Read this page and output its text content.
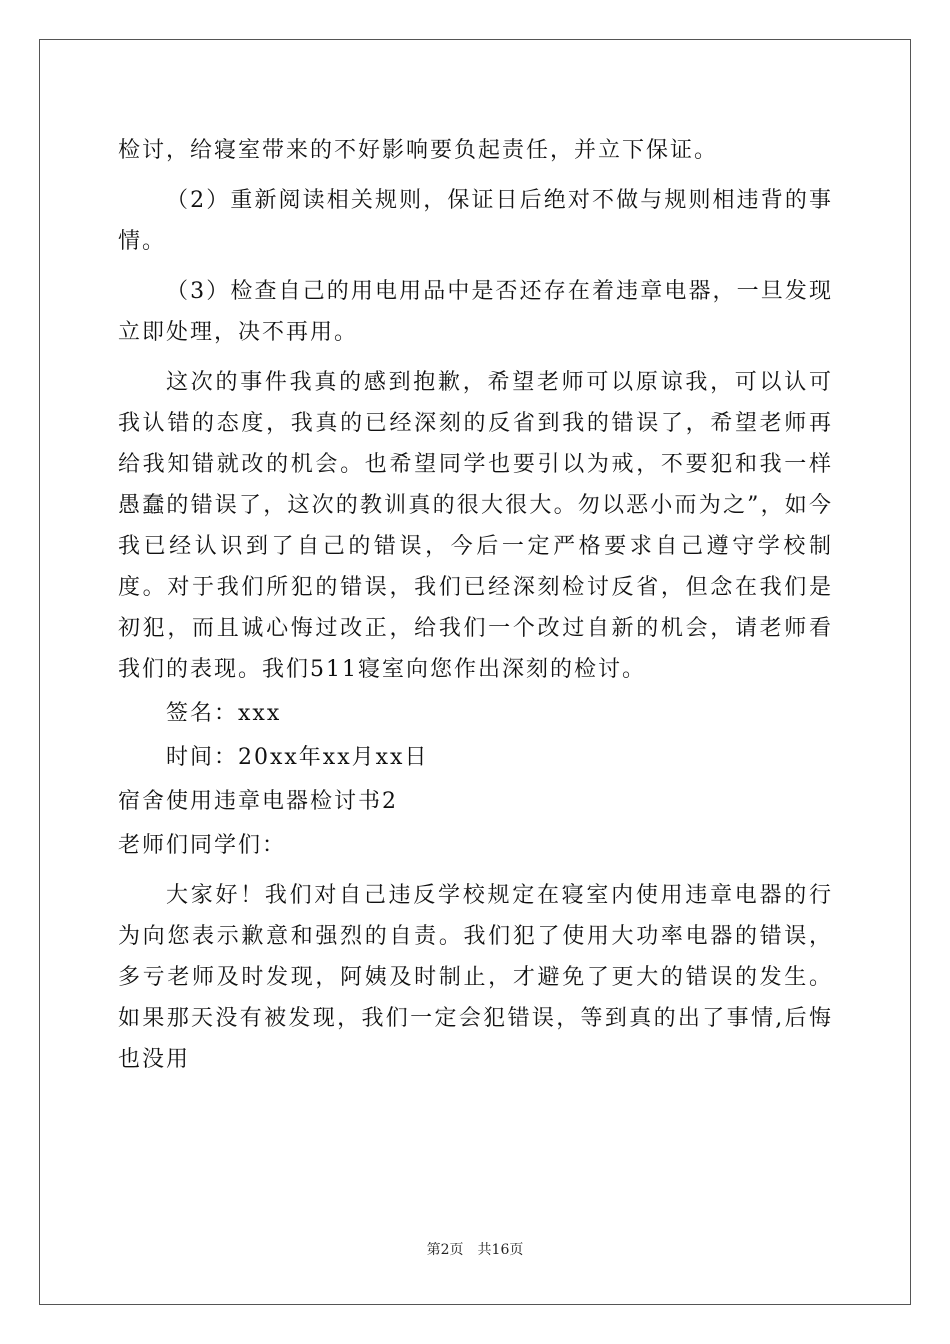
检讨，给寝室带来的不好影响要负起责任，并立下保证。

（2）重新阅读相关规则，保证日后绝对不做与规则相违背的事情。

（3）检查自己的用电用品中是否还存在着违章电器，一旦发现立即处理，决不再用。

这次的事件我真的感到抱歉，希望老师可以原谅我，可以认可我认错的态度，我真的已经深刻的反省到我的错误了，希望老师再给我知错就改的机会。也希望同学也要引以为戒，不要犯和我一样愚蠢的错误了，这次的教训真的很大很大。勿以恶小而为之”，如今我已经认识到了自己的错误，今后一定严格要求自己遵守学校制度。对于我们所犯的错误，我们已经深刻检讨反省，但念在我们是初犯，而且诚心悔过改正，给我们一个改过自新的机会，请老师看我们的表现。我们511寝室向您作出深刻的检讨。

签名：xxx

时间：20xx年xx月xx日

宿舍使用违章电器检讨书2

老师们同学们：

大家好！我们对自己违反学校规定在寝室内使用违章电器的行为向您表示歉意和强烈的自责。我们犯了使用大功率电器的错误，多亏老师及时发现，阿姨及时制止，才避免了更大的错误的发生。如果那天没有被发现，我们一定会犯错误，等到真的出了事情,后悔也没用

第2页　共16页
